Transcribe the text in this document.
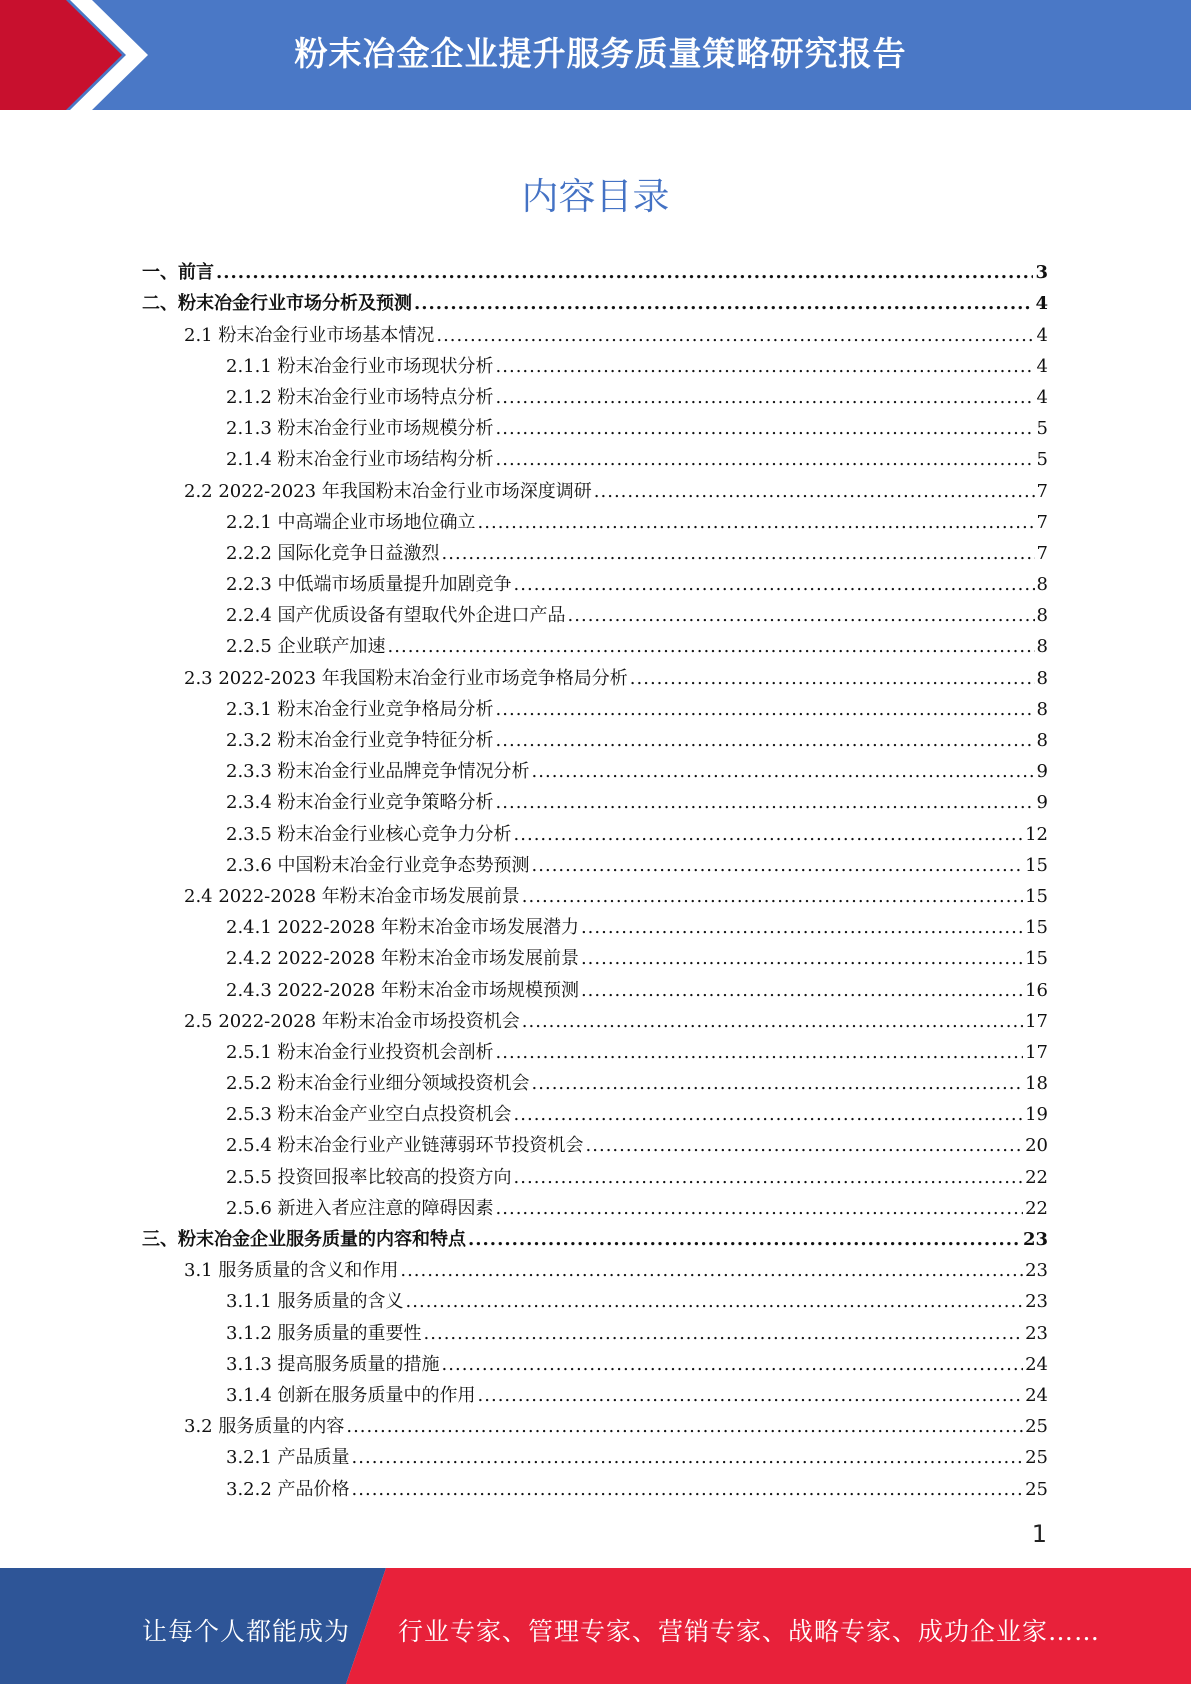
粉末冶金企业提升服务质量策略研究报告
内容目录
一、前言 .....	3
二、粉末冶金行业市场分析及预测 .....	4
2.1 粉末冶金行业市场基本情况 .....	4
2.1.1 粉末冶金行业市场现状分析 .....	4
2.1.2 粉末冶金行业市场特点分析 .....	4
2.1.3 粉末冶金行业市场规模分析 .....	5
2.1.4 粉末冶金行业市场结构分析 .....	5
2.2 2022-2023 年我国粉末冶金行业市场深度调研 .....	7
2.2.1 中高端企业市场地位确立 .....	7
2.2.2 国际化竞争日益激烈 .....	7
2.2.3 中低端市场质量提升加剧竞争 .....	8
2.2.4 国产优质设备有望取代外企进口产品 .....	8
2.2.5 企业联产加速 .....	8
2.3 2022-2023 年我国粉末冶金行业市场竞争格局分析 .....	8
2.3.1 粉末冶金行业竞争格局分析 .....	8
2.3.2 粉末冶金行业竞争特征分析 .....	8
2.3.3 粉末冶金行业品牌竞争情况分析 .....	9
2.3.4 粉末冶金行业竞争策略分析 .....	9
2.3.5 粉末冶金行业核心竞争力分析 .....	12
2.3.6 中国粉末冶金行业竞争态势预测 .....	15
2.4 2022-2028 年粉末冶金市场发展前景 .....	15
2.4.1 2022-2028 年粉末冶金市场发展潜力 .....	15
2.4.2 2022-2028 年粉末冶金市场发展前景 .....	15
2.4.3 2022-2028 年粉末冶金市场规模预测 .....	16
2.5 2022-2028 年粉末冶金市场投资机会 .....	17
2.5.1 粉末冶金行业投资机会剖析 .....	17
2.5.2 粉末冶金行业细分领域投资机会 .....	18
2.5.3 粉末冶金产业空白点投资机会 .....	19
2.5.4 粉末冶金行业产业链薄弱环节投资机会 .....	20
2.5.5 投资回报率比较高的投资方向 .....	22
2.5.6 新进入者应注意的障碍因素 .....	22
三、粉末冶金企业服务质量的内容和特点 .....	23
3.1 服务质量的含义和作用 .....	23
3.1.1 服务质量的含义 .....	23
3.1.2 服务质量的重要性 .....	23
3.1.3 提高服务质量的措施 .....	24
3.1.4 创新在服务质量中的作用 .....	24
3.2 服务质量的内容 .....	25
3.2.1 产品质量 .....	25
3.2.2 产品价格 .....	25
1
让每个人都能成为 行业专家、管理专家、营销专家、战略专家、成功企业家……
